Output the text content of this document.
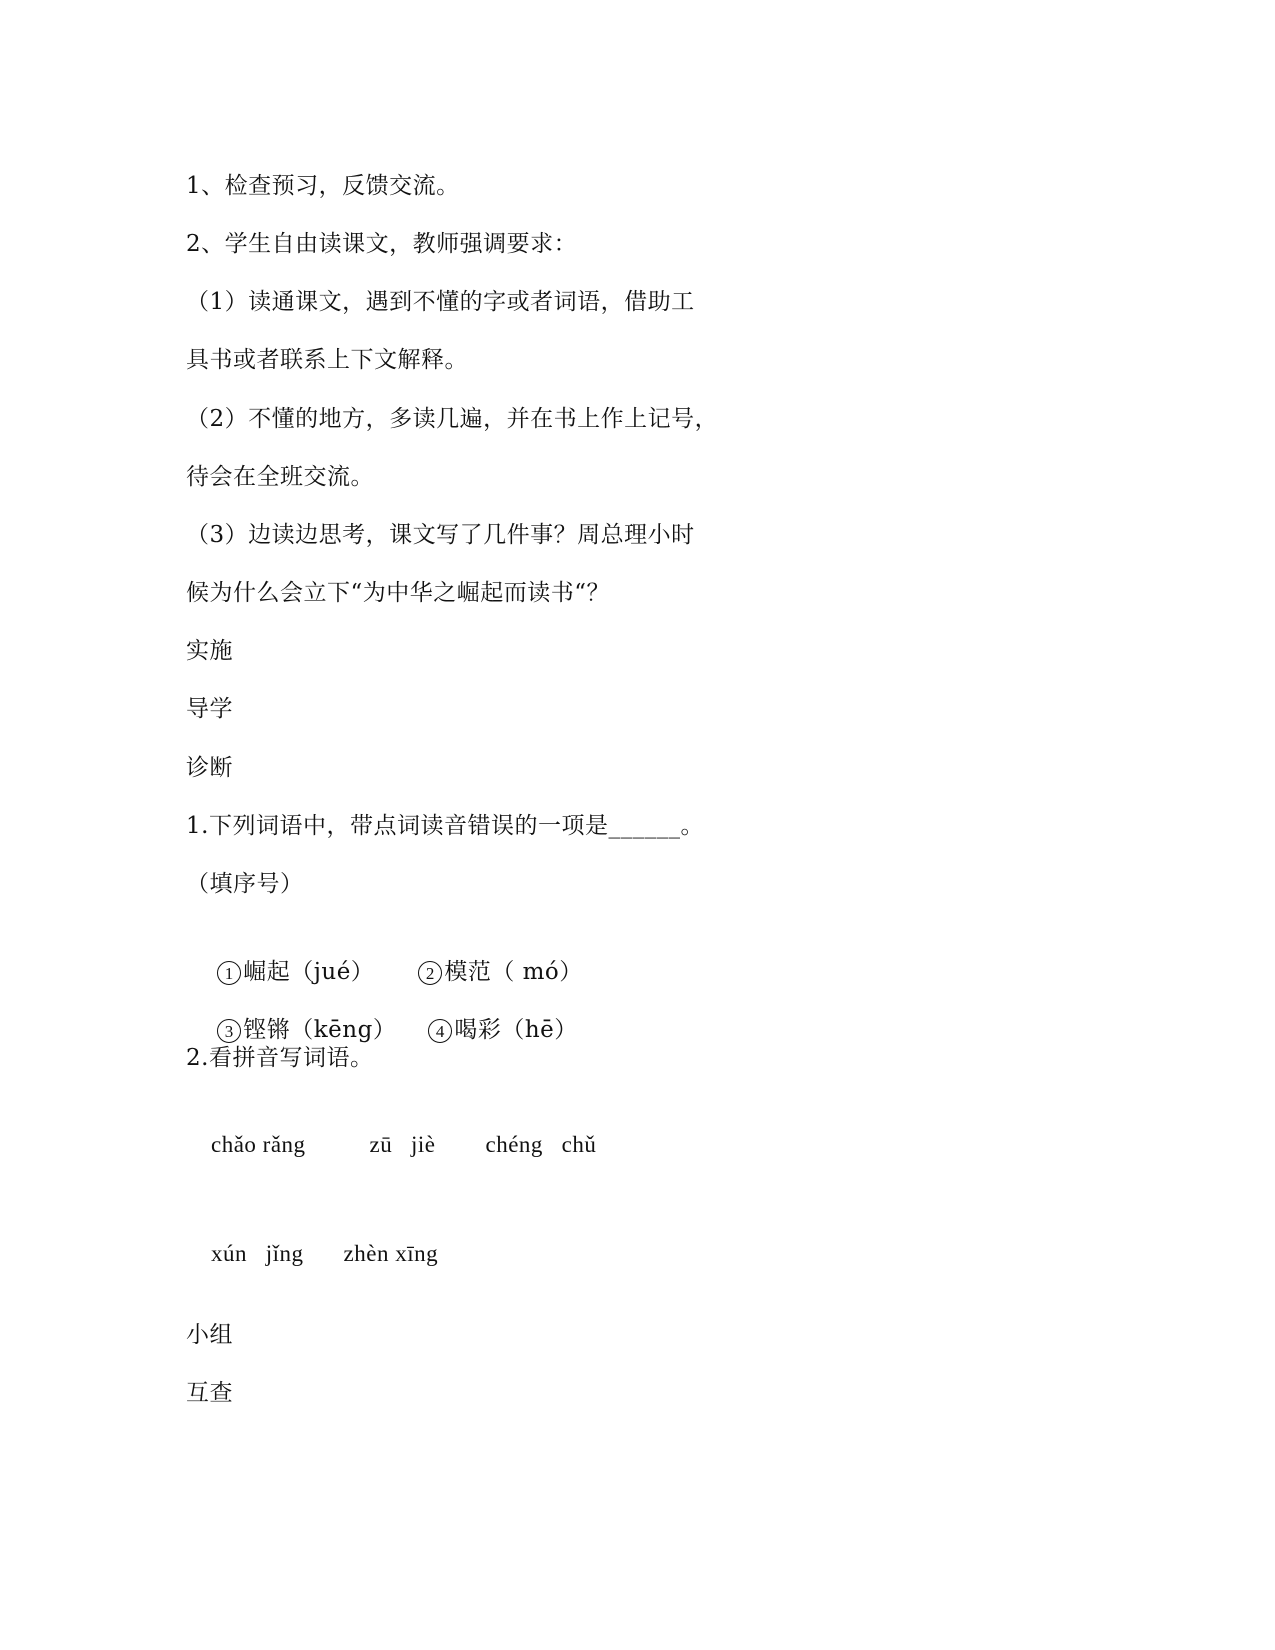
1、检查预习，反馈交流。
2、学生自由读课文，教师强调要求：
（1）读通课文，遇到不懂的字或者词语，借助工
具书或者联系上下文解释。
（2）不懂的地方，多读几遍，并在书上作上记号，
待会在全班交流。
（3）边读边思考，课文写了几件事？周总理小时
候为什么会立下“为中华之崛起而读书“？
实施
导学
诊断
1.下列词语中，带点词读音错误的一项是______。
（填序号）

1 崛起（jué）	2 模范（ mó）

3 铿锵（kēng） 4 喝彩（hē）

2.看拼音写词语。

chǎo rǎng	zū   jiè chéng   chǔ

xún   jǐng zhèn xīng

小组
互查
